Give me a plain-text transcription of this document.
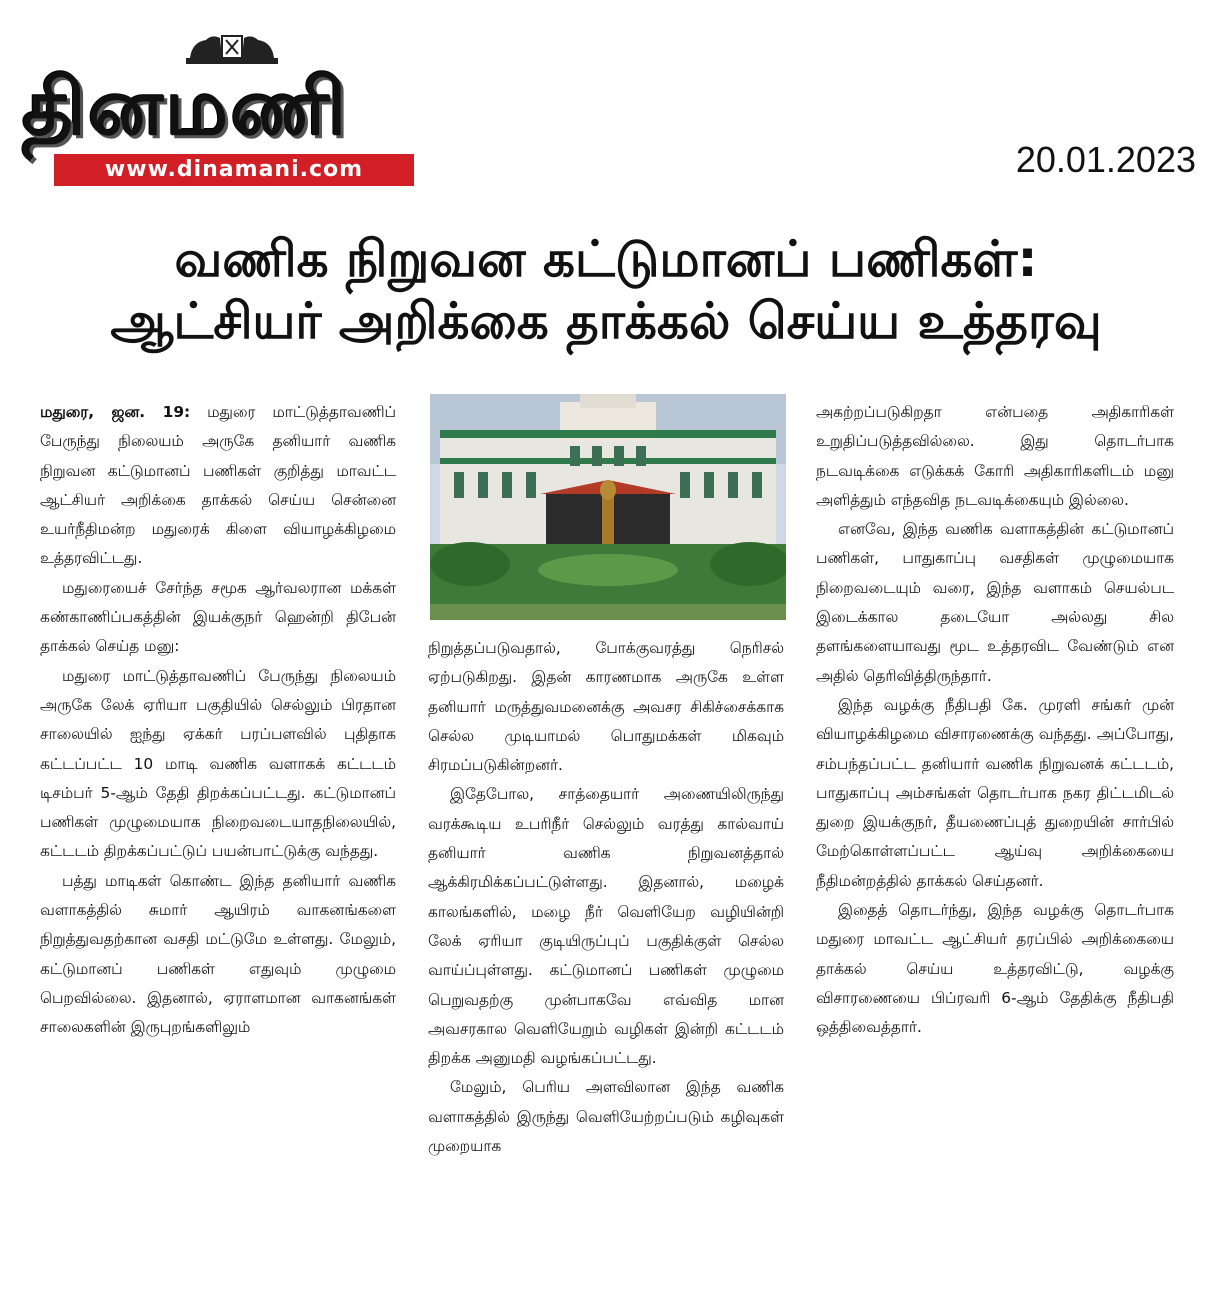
தினமணி
www.dinamani.com	20.01.2023
வணிக நிறுவன கட்டுமானப் பணிகள்:
ஆட்சியர் அறிக்கை தாக்கல் செய்ய உத்தரவு

மதுரை, ஜன. 19: மதுரை மாட்டுத்தாவணிப் பேருந்து நிலையம் அருகே தனியார் வணிக நிறுவன கட்டுமானப் பணிகள் குறித்து மாவட்ட ஆட்சியர் அறிக்கை தாக்கல் செய்ய சென்னை உயர்நீதிமன்ற மதுரைக் கிளை வியாழக்கிழமை உத்தரவிட்டது.

மதுரையைச் சேர்ந்த சமூக ஆர்வலரான மக்கள் கண்காணிப்பகத்தின் இயக்குநர் ஹென்றி திபேன் தாக்கல் செய்த மனு:

மதுரை மாட்டுத்தாவணிப் பேருந்து நிலையம் அருகே லேக் ஏரியா பகுதியில் செல்லும் பிரதான சாலையில் ஐந்து ஏக்கர் பரப்பளவில் புதிதாக கட்டப்பட்ட 10 மாடி வணிக வளாகக் கட்டடம் டிசம்பர் 5-ஆம் தேதி திறக்கப்பட்டது. கட்டுமானப் பணிகள் முழுமையாக நிறைவடையாதநிலையில், கட்டடம் திறக்கப்பட்டுப் பயன்பாட்டுக்கு வந்தது.

பத்து மாடிகள் கொண்ட இந்த தனியார் வணிக வளாகத்தில் சுமார் ஆயிரம் வாகனங்களை நிறுத்துவதற்கான வசதி மட்டுமே உள்ளது. மேலும், கட்டுமானப் பணிகள் எதுவும் முழுமை பெறவில்லை. இதனால், ஏராளமான வாகனங்கள் சாலைகளின் இருபுறங்களிலும்

நிறுத்தப்படுவதால், போக்குவரத்து நெரிசல் ஏற்படுகிறது. இதன் காரணமாக அருகே உள்ள தனியார் மருத்துவமனைக்கு அவசர சிகிச்சைக்காக செல்ல முடியாமல் பொதுமக்கள் மிகவும் சிரமப்படுகின்றனர்.

இதேபோல, சாத்தையார் அணையிலிருந்து வரக்கூடிய உபரிநீர் செல்லும் வரத்து கால்வாய் தனியார் வணிக நிறுவனத்தால் ஆக்கிரமிக்கப்பட்டுள்ளது. இதனால், மழைக் காலங்களில், மழை நீர் வெளியேற வழியின்றி லேக் ஏரியா குடியிருப்புப் பகுதிக்குள் செல்ல வாய்ப்புள்ளது. கட்டுமானப் பணிகள் முழுமை பெறுவதற்கு முன்பாகவே எவ்வித மான அவசரகால வெளியேறும் வழிகள் இன்றி கட்டடம் திறக்க அனுமதி வழங்கப்பட்டது.

மேலும், பெரிய அளவிலான இந்த வணிக வளாகத்தில் இருந்து வெளியேற்றப்படும் கழிவுகள் முறையாக

அகற்றப்படுகிறதா என்பதை அதிகாரிகள் உறுதிப்படுத்தவில்லை. இது தொடர்பாக நடவடிக்கை எடுக்கக் கோரி அதிகாரிகளிடம் மனு அளித்தும் எந்தவித நடவடிக்கையும் இல்லை.

எனவே, இந்த வணிக வளாகத்தின் கட்டுமானப் பணிகள், பாதுகாப்பு வசதிகள் முழுமையாக நிறைவடையும் வரை, இந்த வளாகம் செயல்பட இடைக்கால தடையோ அல்லது சில தளங்களையாவது மூட உத்தரவிட வேண்டும் என அதில் தெரிவித்திருந்தார்.

இந்த வழக்கு நீதிபதி கே. முரளி சங்கர் முன் வியாழக்கிழமை விசாரணைக்கு வந்தது. அப்போது, சம்பந்தப்பட்ட தனியார் வணிக நிறுவனக் கட்டடம், பாதுகாப்பு அம்சங்கள் தொடர்பாக நகர திட்டமிடல் துறை இயக்குநர், தீயணைப்புத் துறையின் சார்பில் மேற்கொள்ளப்பட்ட ஆய்வு அறிக்கையை நீதிமன்றத்தில் தாக்கல் செய்தனர்.

இதைத் தொடர்ந்து, இந்த வழக்கு தொடர்பாக மதுரை மாவட்ட ஆட்சியர் தரப்பில் அறிக்கையை தாக்கல் செய்ய உத்தரவிட்டு, வழக்கு விசாரணையை பிப்ரவரி 6-ஆம் தேதிக்கு நீதிபதி ஒத்திவைத்தார்.
